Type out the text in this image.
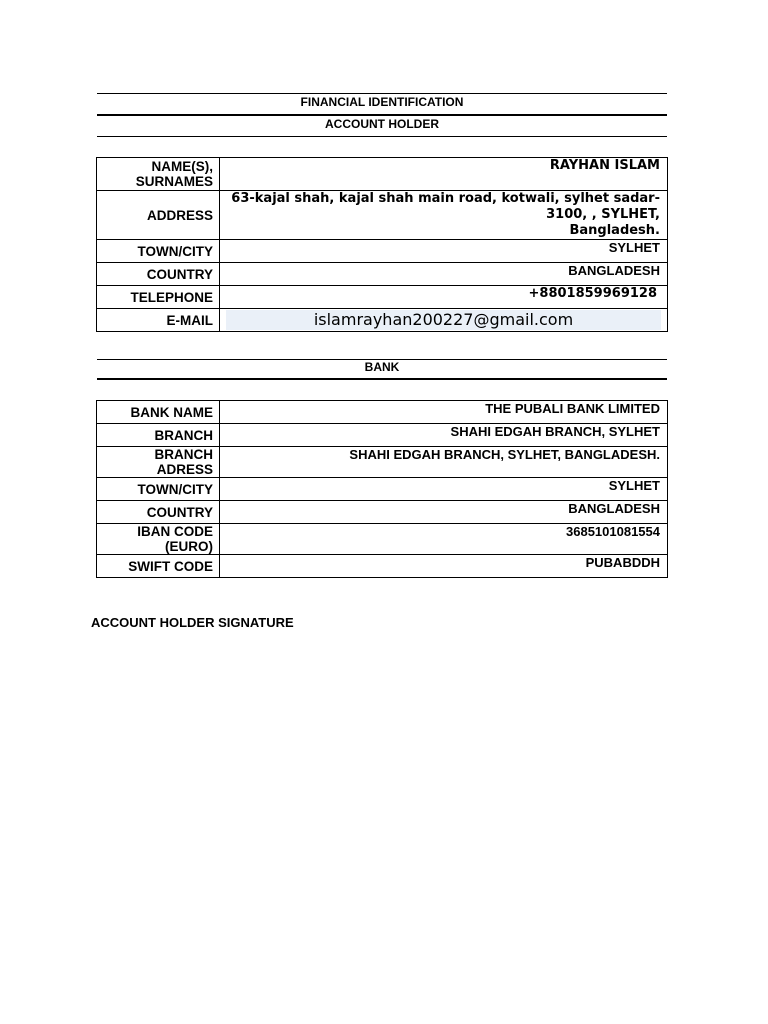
FINANCIAL IDENTIFICATION
ACCOUNT HOLDER
NAME(S), SURNAMES	RAYHAN ISLAM
ADDRESS	63-kajal shah, kajal shah main road, kotwali, sylhet sadar-3100, , SYLHET,
Bangladesh.

TOWN/CITY	SYLHET
COUNTRY	BANGLADESH
TELEPHONE	+8801859969128
E-MAIL	islamrayhan200227@gmail.com
BANK
BANK NAME	THE PUBALI BANK LIMITED
BRANCH	SHAHI EDGAH BRANCH, SYLHET
BRANCH ADRESS	SHAHI EDGAH BRANCH, SYLHET, BANGLADESH.
TOWN/CITY	SYLHET
COUNTRY	BANGLADESH
IBAN CODE (EURO)	3685101081554
SWIFT CODE	PUBABDDH
ACCOUNT HOLDER SIGNATURE
